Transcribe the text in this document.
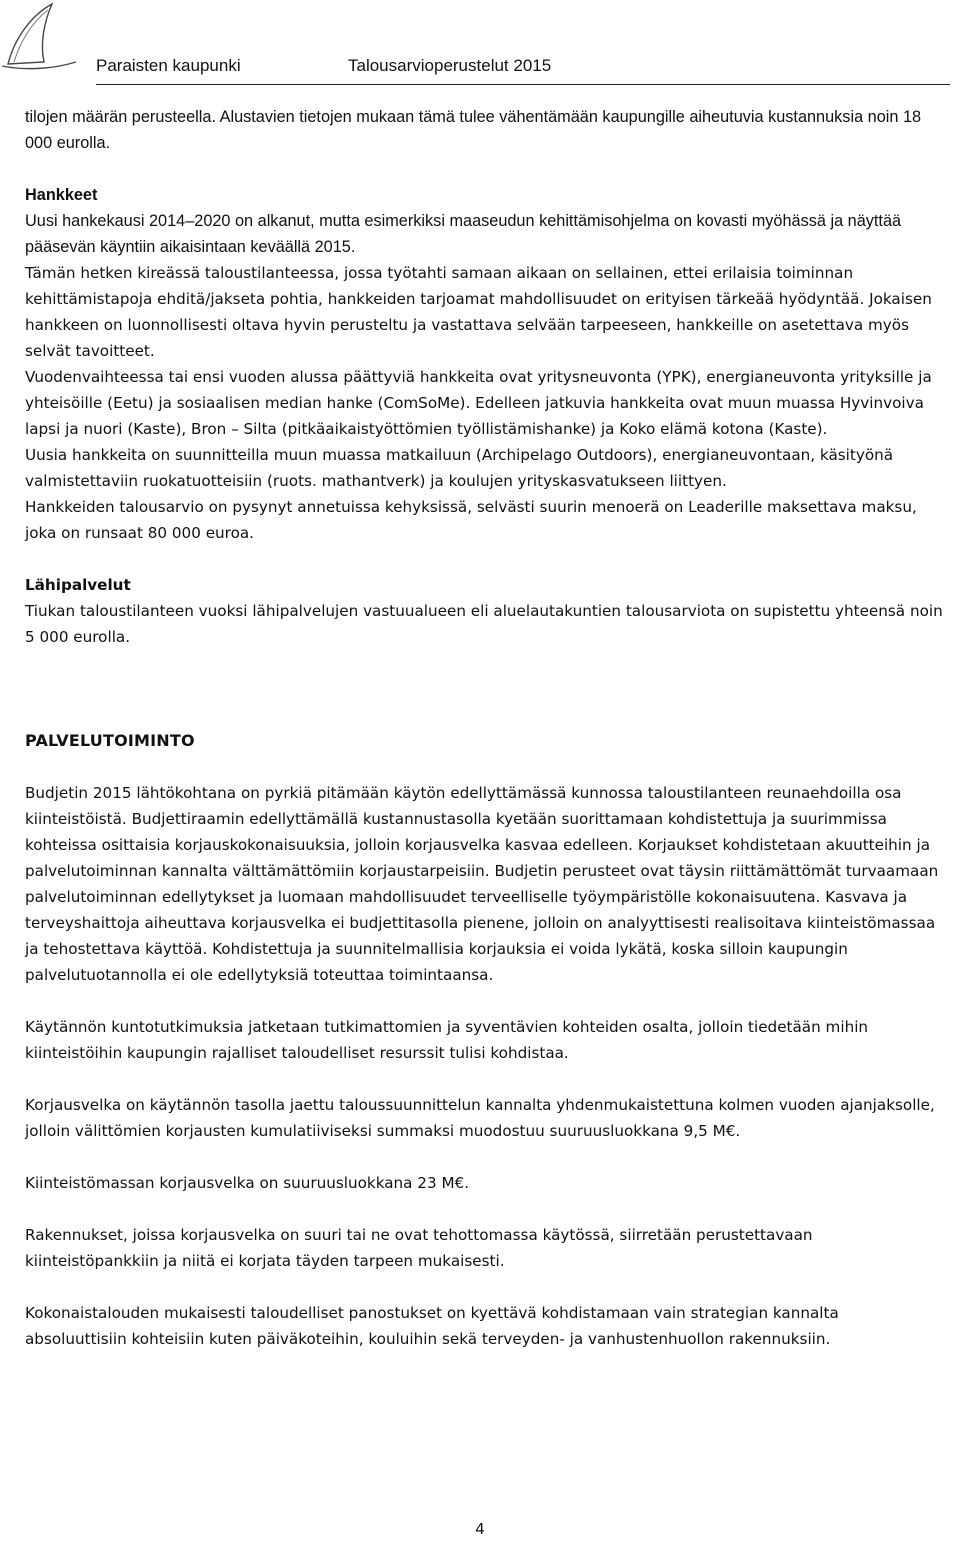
Paraisten kaupunki	Talousarvioperustelut 2015

tilojen määrän perusteella. Alustavien tietojen mukaan tämä tulee vähentämään kaupungille aiheutuvia kustannuksia noin 18 000 eurolla.

Hankkeet

Uusi hankekausi 2014–2020 on alkanut, mutta esimerkiksi maaseudun kehittämisohjelma on kovasti myöhässä ja näyttää pääsevän käyntiin aikaisintaan keväällä 2015.

Tämän hetken kireässä taloustilanteessa, jossa työtahti samaan aikaan on sellainen, ettei erilaisia toiminnan kehittämistapoja ehditä/jakseta pohtia, hankkeiden tarjoamat mahdollisuudet on erityisen tärkeää hyödyntää. Jokaisen hankkeen on luonnollisesti oltava hyvin perusteltu ja vastattava selvään tarpeeseen, hankkeille on asetettava myös selvät tavoitteet.

Vuodenvaihteessa tai ensi vuoden alussa päättyviä hankkeita ovat yritysneuvonta (YPK), energianeuvonta yrityksille ja yhteisöille (Eetu) ja sosiaalisen median hanke (ComSoMe). Edelleen jatkuvia hankkeita ovat muun muassa Hyvinvoiva lapsi ja nuori (Kaste), Bron – Silta (pitkäaikaistyöttömien työllistämishanke) ja Koko elämä kotona (Kaste).

Uusia hankkeita on suunnitteilla muun muassa matkailuun (Archipelago Outdoors), energianeuvontaan, käsityönä valmistettaviin ruokatuotteisiin (ruots. mathantverk) ja koulujen yrityskasvatukseen liittyen.

Hankkeiden talousarvio on pysynyt annetuissa kehyksissä, selvästi suurin menoerä on Leaderille maksettava maksu, joka on runsaat 80 000 euroa.

Lähipalvelut

Tiukan taloustilanteen vuoksi lähipalvelujen vastuualueen eli aluelautakuntien talousarviota on supistettu yhteensä noin 5 000 eurolla.

PALVELUTOIMINTO

Budjetin 2015 lähtökohtana on pyrkiä pitämään käytön edellyttämässä kunnossa taloustilanteen reunaehdoilla osa kiinteistöistä. Budjettiraamin edellyttämällä kustannustasolla kyetään suorittamaan kohdistettuja ja suurimmissa kohteissa osittaisia korjauskokonaisuuksia, jolloin korjausvelka kasvaa edelleen. Korjaukset kohdistetaan akuutteihin ja palvelutoiminnan kannalta välttämättömiin korjaustarpeisiin. Budjetin perusteet ovat täysin riittämättömät turvaamaan palvelutoiminnan edellytykset ja luomaan mahdollisuudet terveelliselle työympäristölle kokonaisuutena. Kasvava ja terveyshaittoja aiheuttava korjausvelka ei budjettitasolla pienene, jolloin on analyyttisesti realisoitava kiinteistömassaa ja tehostettava käyttöä. Kohdistettuja ja suunnitelmallisia korjauksia ei voida lykätä, koska silloin kaupungin palvelutuotannolla ei ole edellytyksiä toteuttaa toimintaansa.

Käytännön kuntotutkimuksia jatketaan tutkimattomien ja syventävien kohteiden osalta, jolloin tiedetään mihin kiinteistöihin kaupungin rajalliset taloudelliset resurssit tulisi kohdistaa.

Korjausvelka on käytännön tasolla jaettu taloussuunnittelun kannalta yhdenmukaistettuna kolmen vuoden ajanjaksolle, jolloin välittömien korjausten kumulatiiviseksi summaksi muodostuu suuruusluokkana 9,5 M€.

Kiinteistömassan korjausvelka on suuruusluokkana 23 M€.

Rakennukset, joissa korjausvelka on suuri tai ne ovat tehottomassa käytössä, siirretään perustettavaan kiinteistöpankkiin ja niitä ei korjata täyden tarpeen mukaisesti.

Kokonaistalouden mukaisesti taloudelliset panostukset on kyettävä kohdistamaan vain strategian kannalta absoluuttisiin kohteisiin kuten päiväkoteihin, kouluihin sekä terveyden- ja vanhustenhuollon rakennuksiin.

4
